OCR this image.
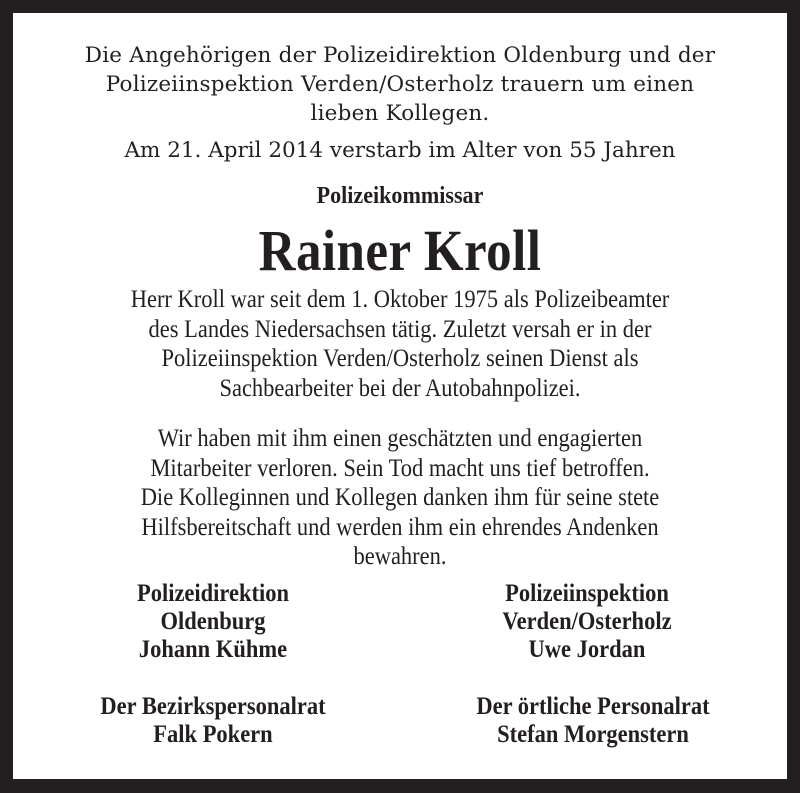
Die Angehörigen der Polizeidirektion Oldenburg und der

Polizeiinspektion Verden/Osterholz trauern um einen

lieben Kollegen.

Am 21. April 2014 verstarb im Alter von 55 Jahren

Polizeikommissar
Rainer Kroll

Herr Kroll war seit dem 1. Oktober 1975 als Polizeibeamter

des Landes Niedersachsen tätig. Zuletzt versah er in der

Polizeiinspektion Verden/Osterholz seinen Dienst als

Sachbearbeiter bei der Autobahnpolizei.

Wir haben mit ihm einen geschätzten und engagierten

Mitarbeiter verloren. Sein Tod macht uns tief betroffen.

Die Kolleginnen und Kollegen danken ihm für seine stete

Hilfsbereitschaft und werden ihm ein ehrendes Andenken

bewahren.

Polizeidirektion

Oldenburg

Johann Kühme

Polizeiinspektion

Verden/Osterholz

Uwe Jordan

Der Bezirkspersonalrat

Falk Pokern

Der örtliche Personalrat

Stefan Morgenstern
